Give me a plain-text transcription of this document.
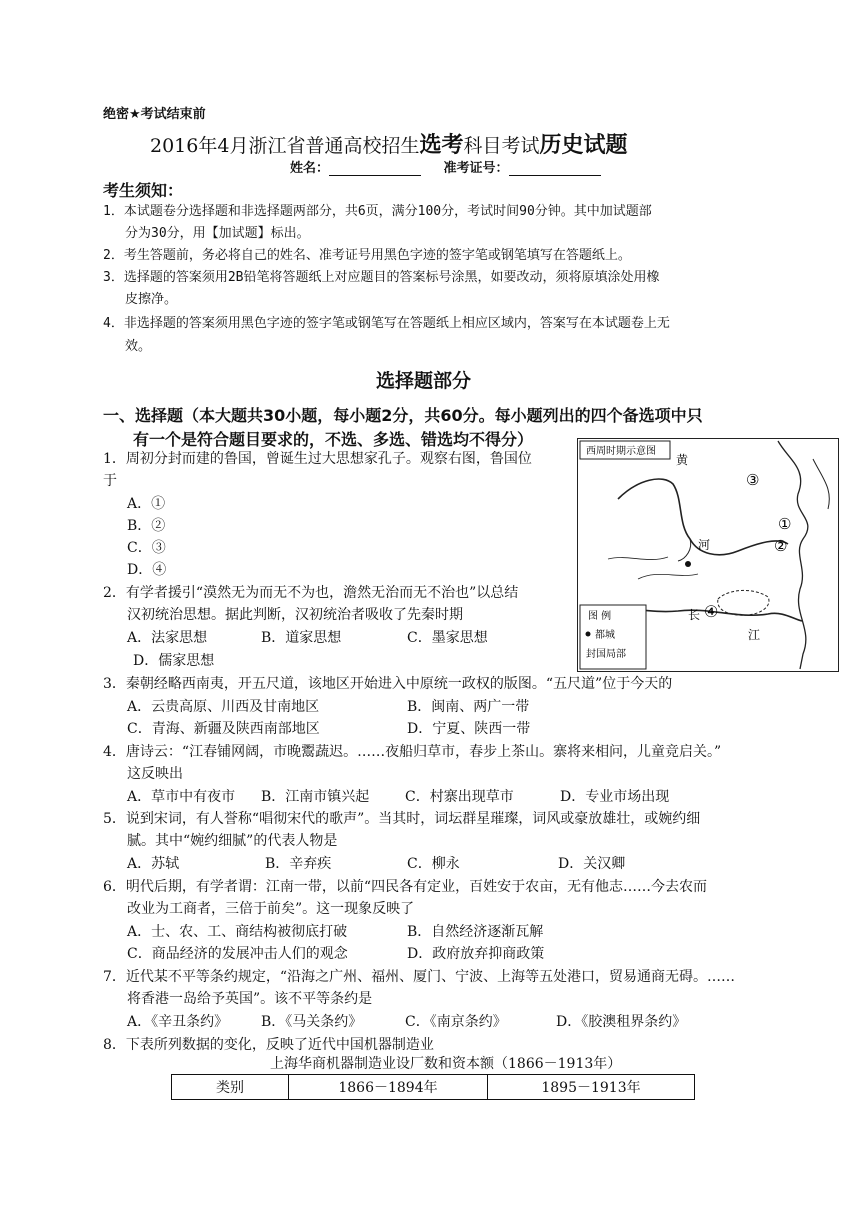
绝密★考试结束前
2016年4月浙江省普通高校招生选考科目考试历史试题
姓名：	准考证号：
考生须知：
1．本试题卷分选择题和非选择题两部分，共6页，满分100分，考试时间90分钟。其中加试题部
分为30分，用【加试题】标出。
2．考生答题前，务必将自己的姓名、准考证号用黑色字迹的签字笔或钢笔填写在答题纸上。
3．选择题的答案须用2B铅笔将答题纸上对应题目的答案标号涂黑，如要改动，须将原填涂处用橡
皮擦净。
4．非选择题的答案须用黑色字迹的签字笔或钢笔写在答题纸上相应区域内，答案写在本试题卷上无
效。
选择题部分
一、选择题（本大题共30小题，每小题2分，共60分。每小题列出的四个备选项中只
有一个是符合题目要求的，不选、多选、错选均不得分）
西周时期示意图
黄
河
长
江
①
②
③
④
图 例
都城
封国局部
1．周初分封而建的鲁国，曾诞生过大思想家孔子。观察右图，鲁国位
于
A．①
B．②
C．③
D．④
2．有学者援引“漠然无为而无不为也，澹然无治而无不治也”以总结
汉初统治思想。据此判断，汉初统治者吸收了先秦时期
A．法家思想	B．道家思想	C．墨家思想
D．儒家思想
3．秦朝经略西南夷，开五尺道，该地区开始进入中原统一政权的版图。“五尺道”位于今天的
A．云贵高原、川西及甘南地区	B．闽南、两广一带
C．青海、新疆及陕西南部地区	D．宁夏、陕西一带
4．唐诗云：“江春铺网阔，市晚鬻蔬迟。……夜船归草市，春步上茶山。寨将来相问，儿童竞启关。”
这反映出
A．草市中有夜市 B．江南市镇兴起	C．村寨出现草市	D．专业市场出现
5．说到宋词，有人誉称“唱彻宋代的歌声”。当其时，词坛群星璀璨，词风或豪放雄壮，或婉约细
腻。其中“婉约细腻”的代表人物是
A．苏轼	B．辛弃疾	C．柳永	D．关汉卿
6．明代后期，有学者谓：江南一带，以前“四民各有定业，百姓安于农亩，无有他志……今去农而
改业为工商者，三倍于前矣”。这一现象反映了
A．士、农、工、商结构被彻底打破	B．自然经济逐渐瓦解
C．商品经济的发展冲击人们的观念	D．政府放弃抑商政策
7．近代某不平等条约规定，“沿海之广州、福州、厦门、宁波、上海等五处港口，贸易通商无碍。……
将香港一岛给予英国”。该不平等条约是
A．《辛丑条约》 B．《马关条约》	C．《南京条约》	D．《胶澳租界条约》
8．下表所列数据的变化，反映了近代中国机器制造业
上海华商机器制造业设厂数和资本额（1866－1913年）
类别	1866－1894年	1895－1913年
